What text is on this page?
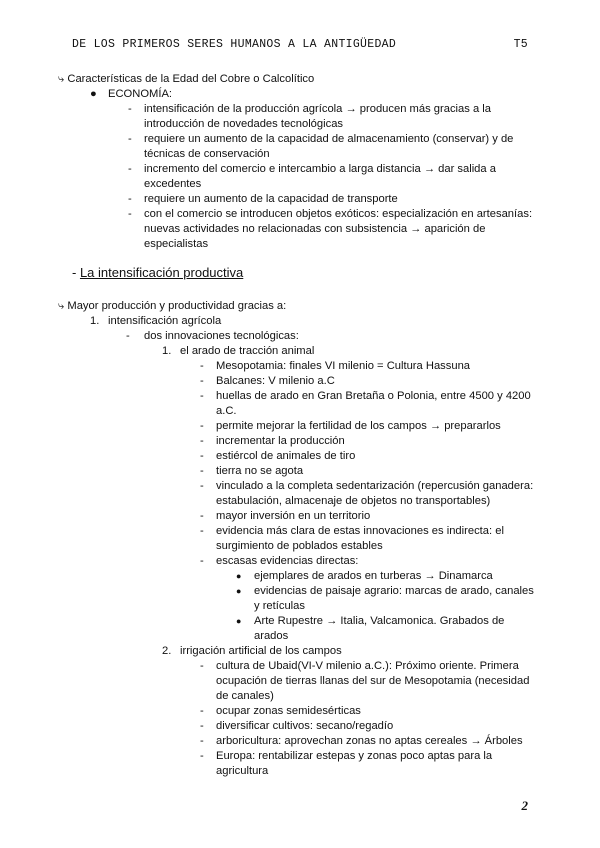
DE LOS PRIMEROS SERES HUMANOS A LA ANTIGÜEDAD	T5
⤷ Características de la Edad del Cobre o Calcolítico
● ECONOMÍA:
- intensificación de la producción agrícola → producen más gracias a la introducción de novedades tecnológicas
- requiere un aumento de la capacidad de almacenamiento (conservar) y de técnicas de conservación
- incremento del comercio e intercambio a larga distancia → dar salida a excedentes
- requiere un aumento de la capacidad de transporte
- con el comercio se introducen objetos exóticos: especialización en artesanías: nuevas actividades no relacionadas con subsistencia → aparición de especialistas
- La intensificación productiva
⤷ Mayor producción y productividad gracias a:
1. intensificación agrícola
- dos innovaciones tecnológicas:
1. el arado de tracción animal
- Mesopotamia: finales VI milenio = Cultura Hassuna
- Balcanes: V milenio a.C
- huellas de arado en Gran Bretaña o Polonia, entre 4500 y 4200 a.C.
- permite mejorar la fertilidad de los campos → prepararlos
- incrementar la producción
- estiércol de animales de tiro
- tierra no se agota
- vinculado a la completa sedentarización (repercusión ganadera: estabulación, almacenaje de objetos no transportables)
- mayor inversión en un territorio
- evidencia más clara de estas innovaciones es indirecta: el surgimiento de poblados estables
- escasas evidencias directas:
● ejemplares de arados en turberas → Dinamarca
● evidencias de paisaje agrario: marcas de arado, canales y retículas
● Arte Rupestre → Italia, Valcamonica. Grabados de arados
2. irrigación artificial de los campos
- cultura de Ubaid(VI-V milenio a.C.): Próximo oriente. Primera ocupación de tierras llanas del sur de Mesopotamia (necesidad de canales)
- ocupar zonas semidesérticas
- diversificar cultivos: secano/regadío
- arboricultura: aprovechan zonas no aptas cereales → Árboles
- Europa: rentabilizar estepas y zonas poco aptas para la agricultura
2
